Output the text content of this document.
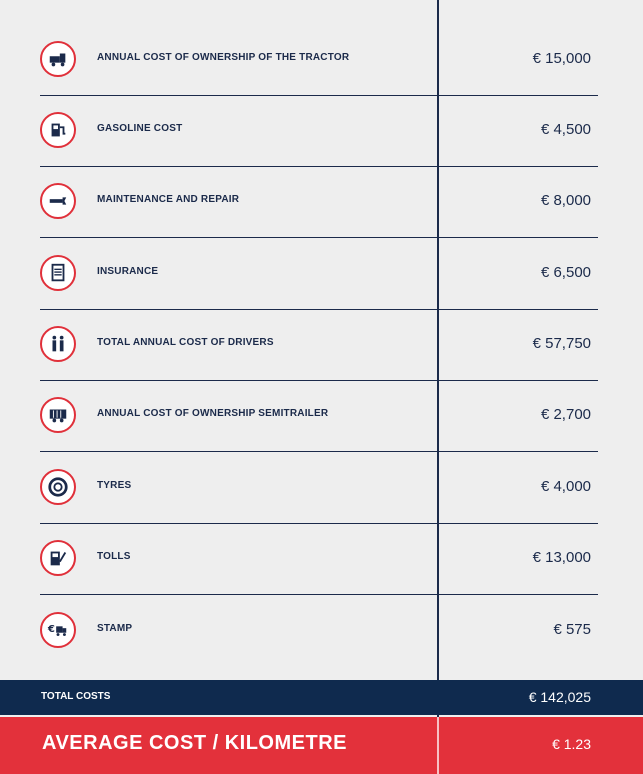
ANNUAL COST OF OWNERSHIP OF THE TRACTOR	€ 15,000
GASOLINE COST	€ 4,500
MAINTENANCE AND REPAIR	€ 8,000
INSURANCE	€ 6,500
TOTAL ANNUAL COST OF DRIVERS	€ 57,750
ANNUAL COST OF OWNERSHIP SEMITRAILER	€ 2,700
TYRES	€ 4,000
TOLLS	€ 13,000
€	STAMP	€ 575
TOTAL COSTS	€ 142,025
AVERAGE COST / KILOMETRE	€ 1.23
